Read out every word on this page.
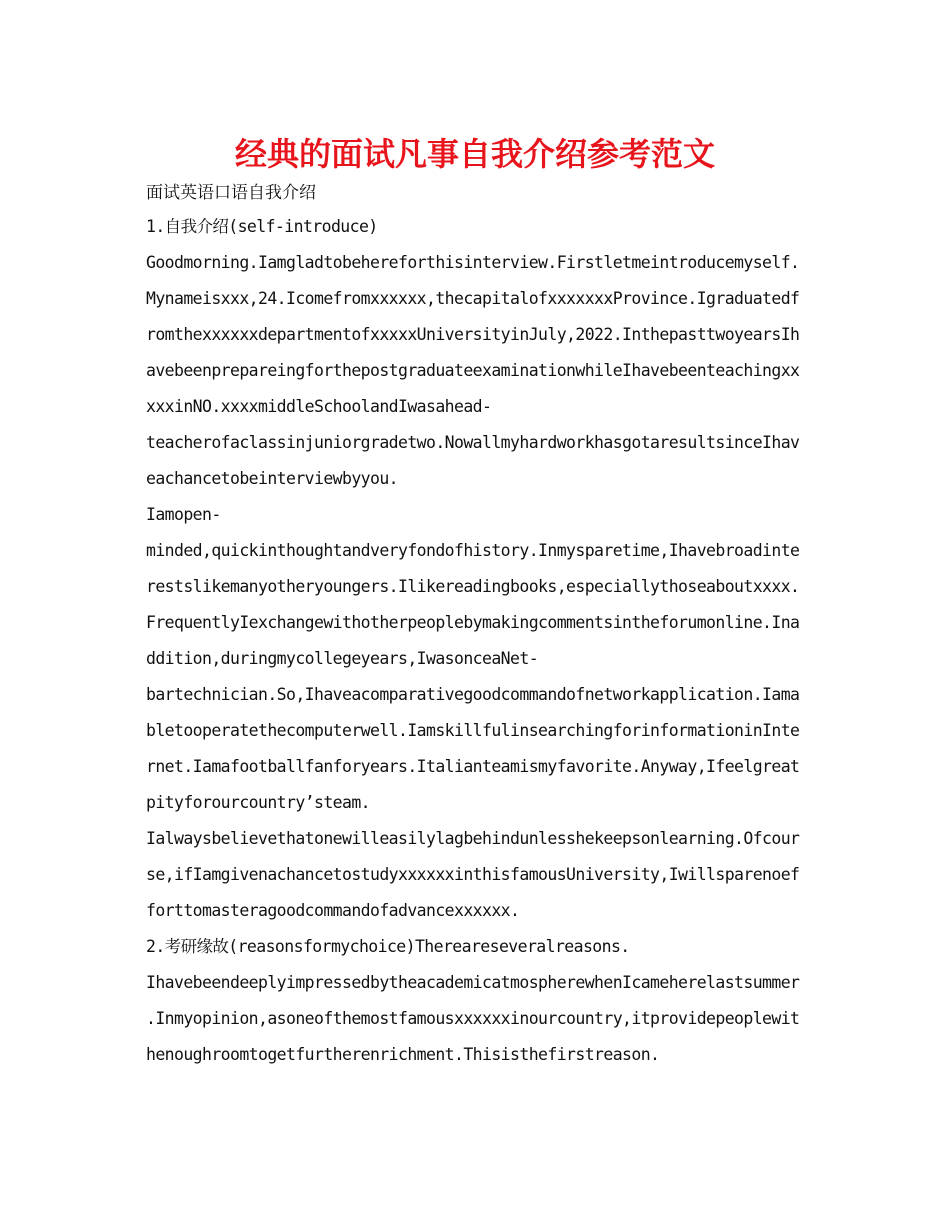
经典的面试凡事自我介绍参考范文
面试英语口语自我介绍
1.自我介绍(self-introduce)
Goodmorning.Iamgladtobehereforthisinterview.Firstletmeintroducemyself.
Mynameisxxx,24.Icomefromxxxxxx,thecapitalofxxxxxxxProvince.Igraduatedf
romthexxxxxxdepartmentofxxxxxUniversityinJuly,2022.InthepasttwoyearsIh
avebeenprepareingforthepostgraduateexaminationwhileIhavebeenteachingxx
xxxinNO.xxxxmiddleSchoolandIwasahead-
teacherofaclassinjuniorgradetwo.NowallmyhardworkhasgotaresultsinceIhav
eachancetobeinterviewbyyou.
Iamopen-
minded,quickinthoughtandveryfondofhistory.Inmysparetime,Ihavebroadinte
restslikemanyotheryoungers.Ilikereadingbooks,especiallythoseaboutxxxx.
FrequentlyIexchangewithotherpeoplebymakingcommentsintheforumonline.Ina
ddition,duringmycollegeyears,IwasonceaNet-
bartechnician.So,Ihaveacomparativegoodcommandofnetworkapplication.Iama
bletooperatethecomputerwell.IamskillfulinsearchingforinformationinInte
rnet.Iamafootballfanforyears.Italianteamismyfavorite.Anyway,Ifeelgreat
pityforourcountry’steam.
Ialwaysbelievethatonewilleasilylagbehindunlesshekeepsonlearning.Ofcour
se,ifIamgivenachancetostudyxxxxxxinthisfamousUniversity,Iwillsparenoef
forttomasteragoodcommandofadvancexxxxxx.
2.考研缘故(reasonsformychoice)Thereareseveralreasons.
IhavebeendeeplyimpressedbytheacademicatmospherewhenIcameherelastsummer
.Inmyopinion,asoneofthemostfamousxxxxxxinourcountry,itprovidepeoplewit
henoughroomtogetfurtherenrichment.Thisisthefirstreason.
